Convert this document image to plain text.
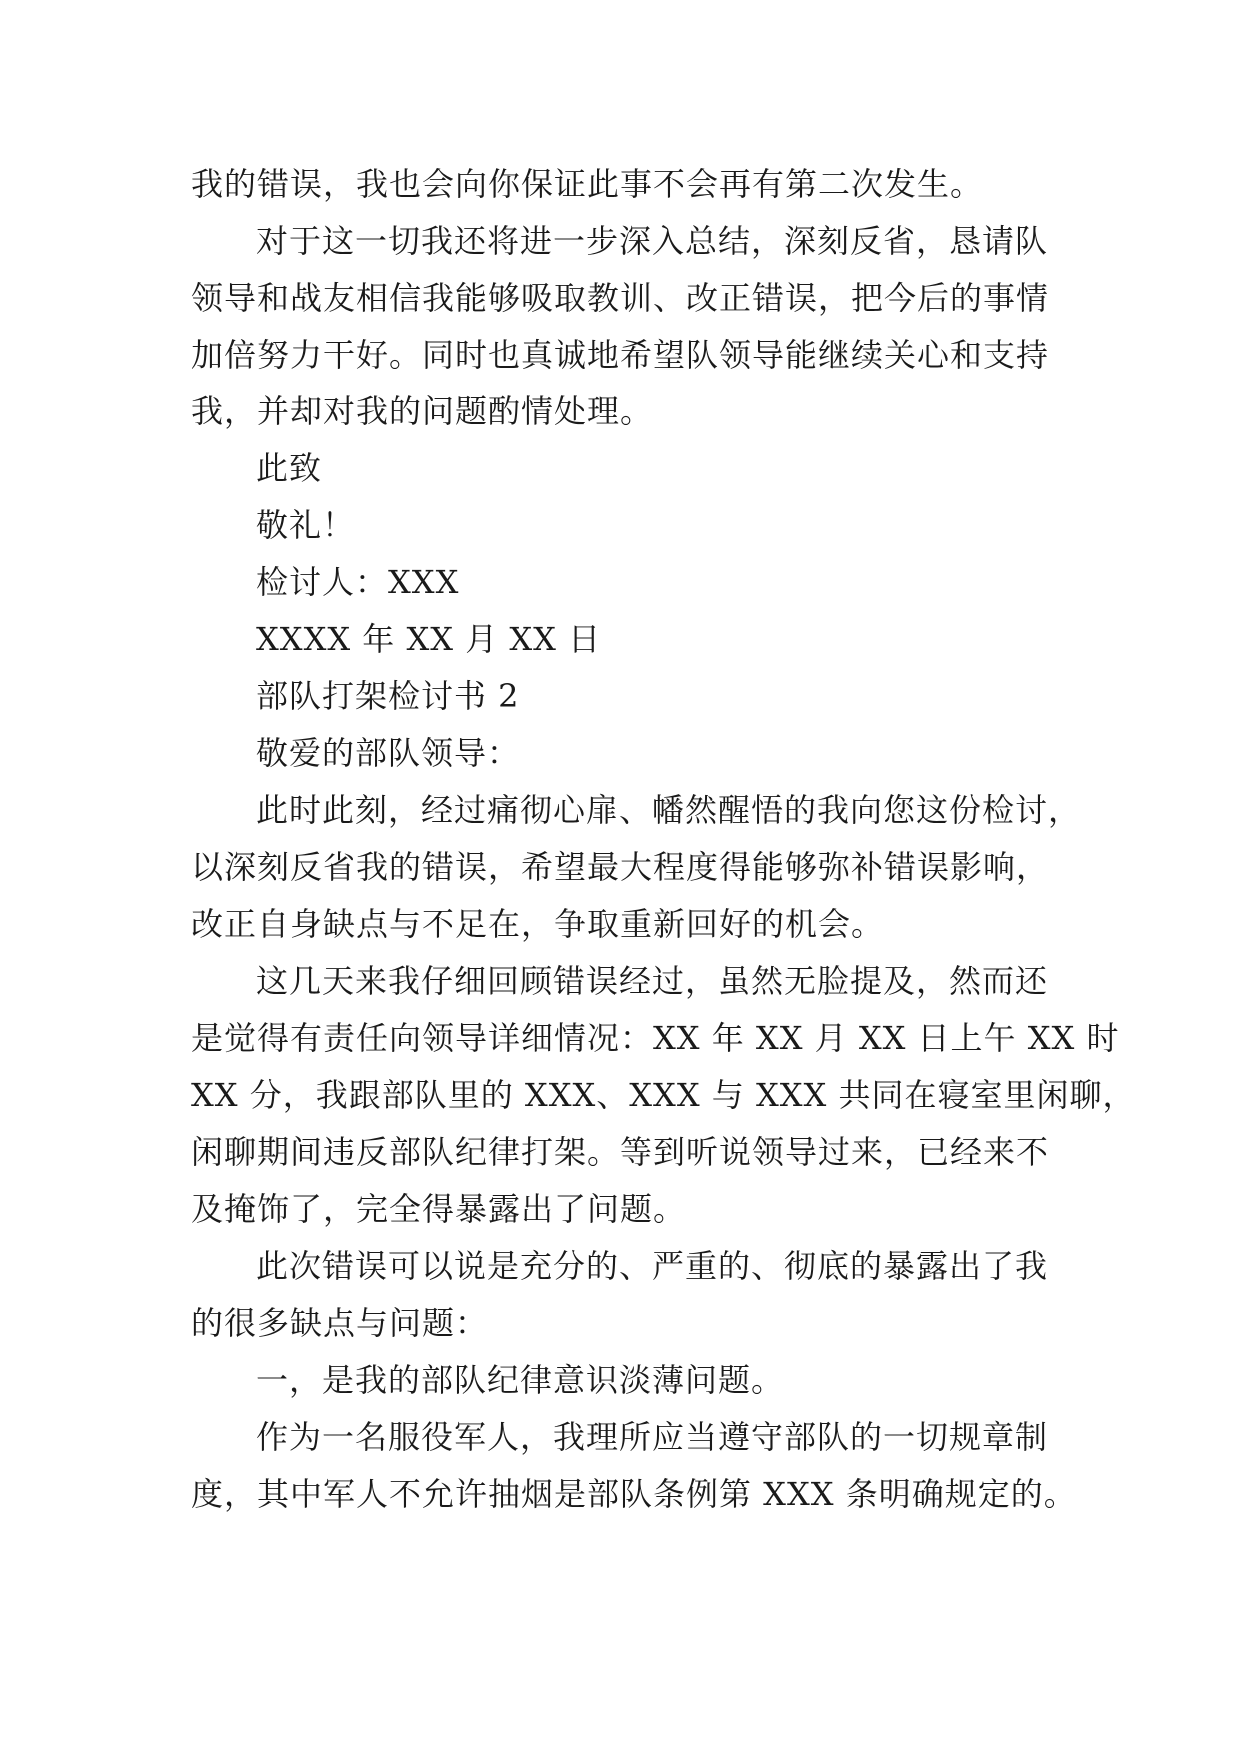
我的错误，我也会向你保证此事不会再有第二次发生。
对于这一切我还将进一步深入总结，深刻反省，恳请队
领导和战友相信我能够吸取教训、改正错误，把今后的事情
加倍努力干好。同时也真诚地希望队领导能继续关心和支持
我，并却对我的问题酌情处理。
此致
敬礼！
检讨人：XXX
XXXX 年 XX 月 XX 日
部队打架检讨书 2
敬爱的部队领导：
此时此刻，经过痛彻心扉、幡然醒悟的我向您这份检讨，
以深刻反省我的错误，希望最大程度得能够弥补错误影响，
改正自身缺点与不足在，争取重新回好的机会。
这几天来我仔细回顾错误经过，虽然无脸提及，然而还
是觉得有责任向领导详细情况：XX 年 XX 月 XX 日上午 XX 时
XX 分，我跟部队里的 XXX、XXX 与 XXX 共同在寝室里闲聊，
闲聊期间违反部队纪律打架。等到听说领导过来，已经来不
及掩饰了，完全得暴露出了问题。
此次错误可以说是充分的、严重的、彻底的暴露出了我
的很多缺点与问题：
一，是我的部队纪律意识淡薄问题。
作为一名服役军人，我理所应当遵守部队的一切规章制
度，其中军人不允许抽烟是部队条例第 XXX 条明确规定的。
